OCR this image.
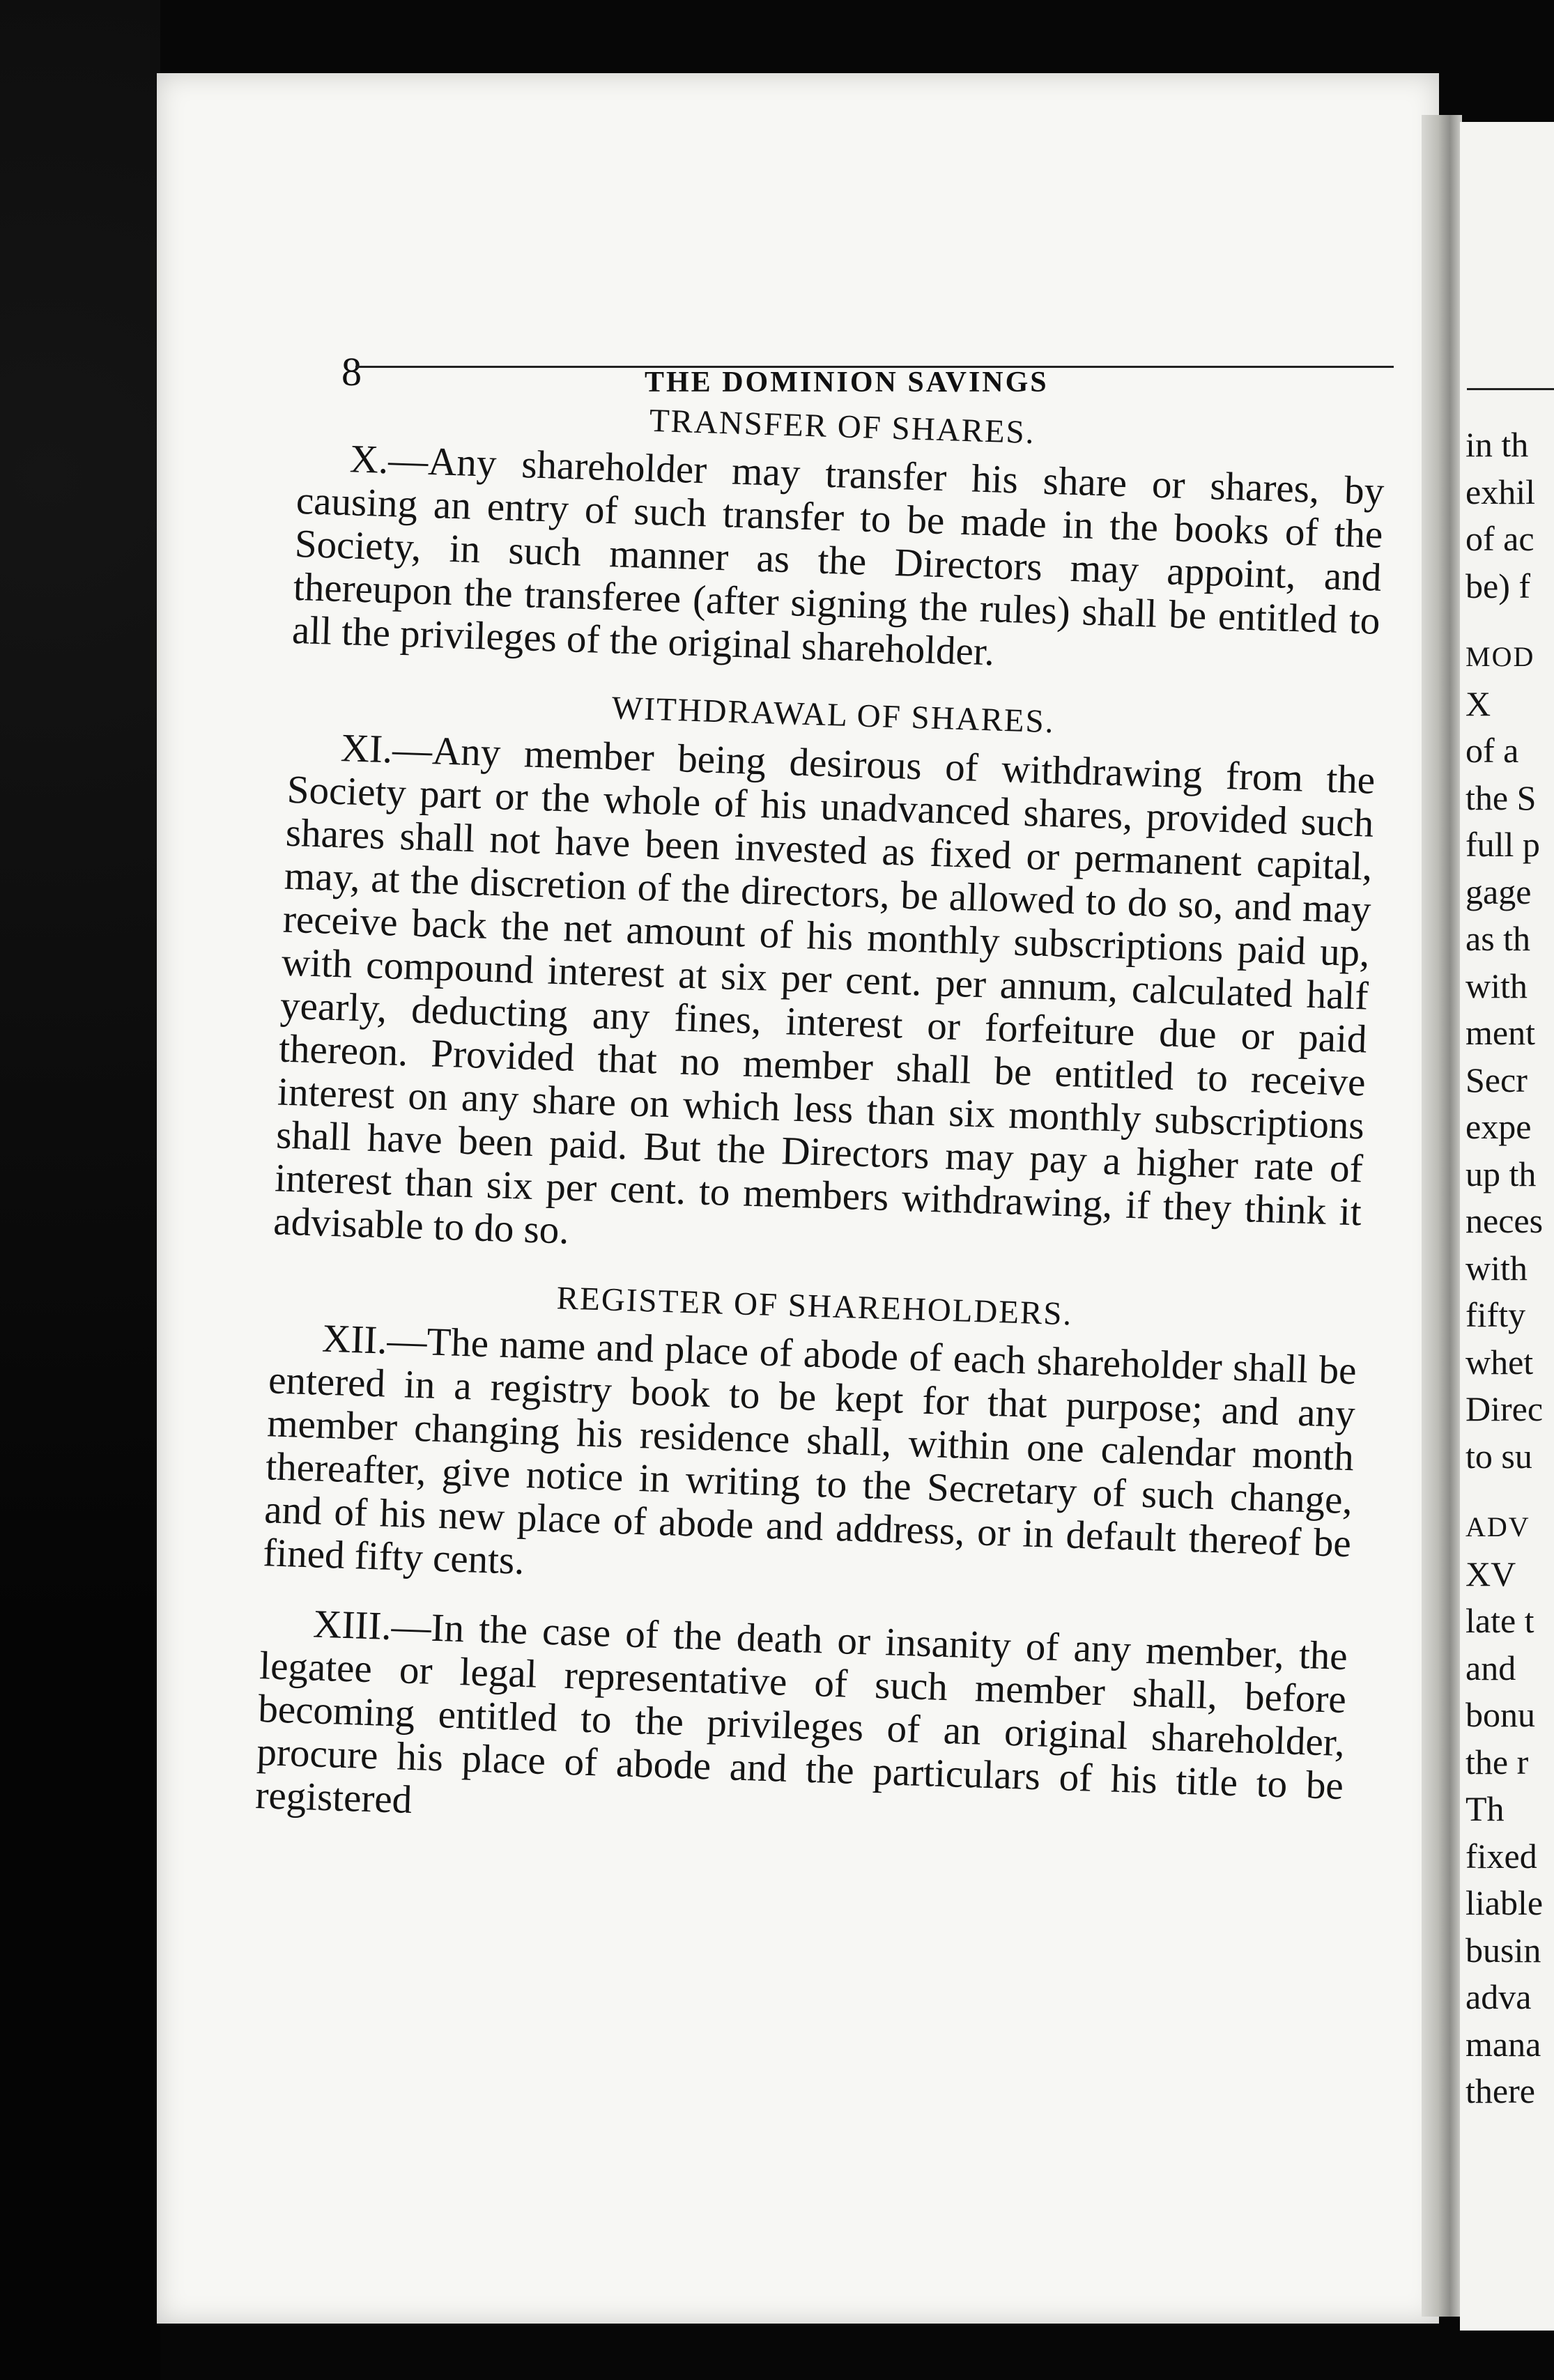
8	THE DOMINION SAVINGS
TRANSFER OF SHARES.

X.—Any shareholder may transfer his share or shares, by causing an entry of such transfer to be made in the books of the Society, in such manner as the Directors may appoint, and thereupon the transferee (after signing the rules) shall be entitled to all the privileges of the original shareholder.

WITHDRAWAL OF SHARES.

XI.—Any member being desirous of withdrawing from the Society part or the whole of his unadvanced shares, provided such shares shall not have been invested as fixed or permanent capital, may, at the discretion of the directors, be allowed to do so, and may receive back the net amount of his monthly subscriptions paid up, with compound interest at six per cent. per annum, calculated half yearly, deducting any fines, interest or forfeiture due or paid thereon. Provided that no member shall be entitled to receive interest on any share on which less than six monthly subscriptions shall have been paid. But the Directors may pay a higher rate of interest than six per cent. to members withdrawing, if they think it advisable to do so.

REGISTER OF SHAREHOLDERS.

XII.—The name and place of abode of each shareholder shall be entered in a registry book to be kept for that purpose; and any member changing his residence shall, within one calendar month thereafter, give notice in writing to the Secretary of such change, and of his new place of abode and address, or in default thereof be fined fifty cents.

XIII.—In the case of the death or insanity of any member, the legatee or legal representative of such member shall, before becoming entitled to the privileges of an original shareholder, procure his place of abode and the particulars of his title to be registered

in th
exhil
of ac
be) f
MOD
X
of a
the S
full p
gage
as th
with
ment
Secr
expe
up th
neces
with
fifty
whet
Direc
to su
ADV
XV
late t
and
bonu
the r
Th
fixed
liable
busin
adva
mana
there
